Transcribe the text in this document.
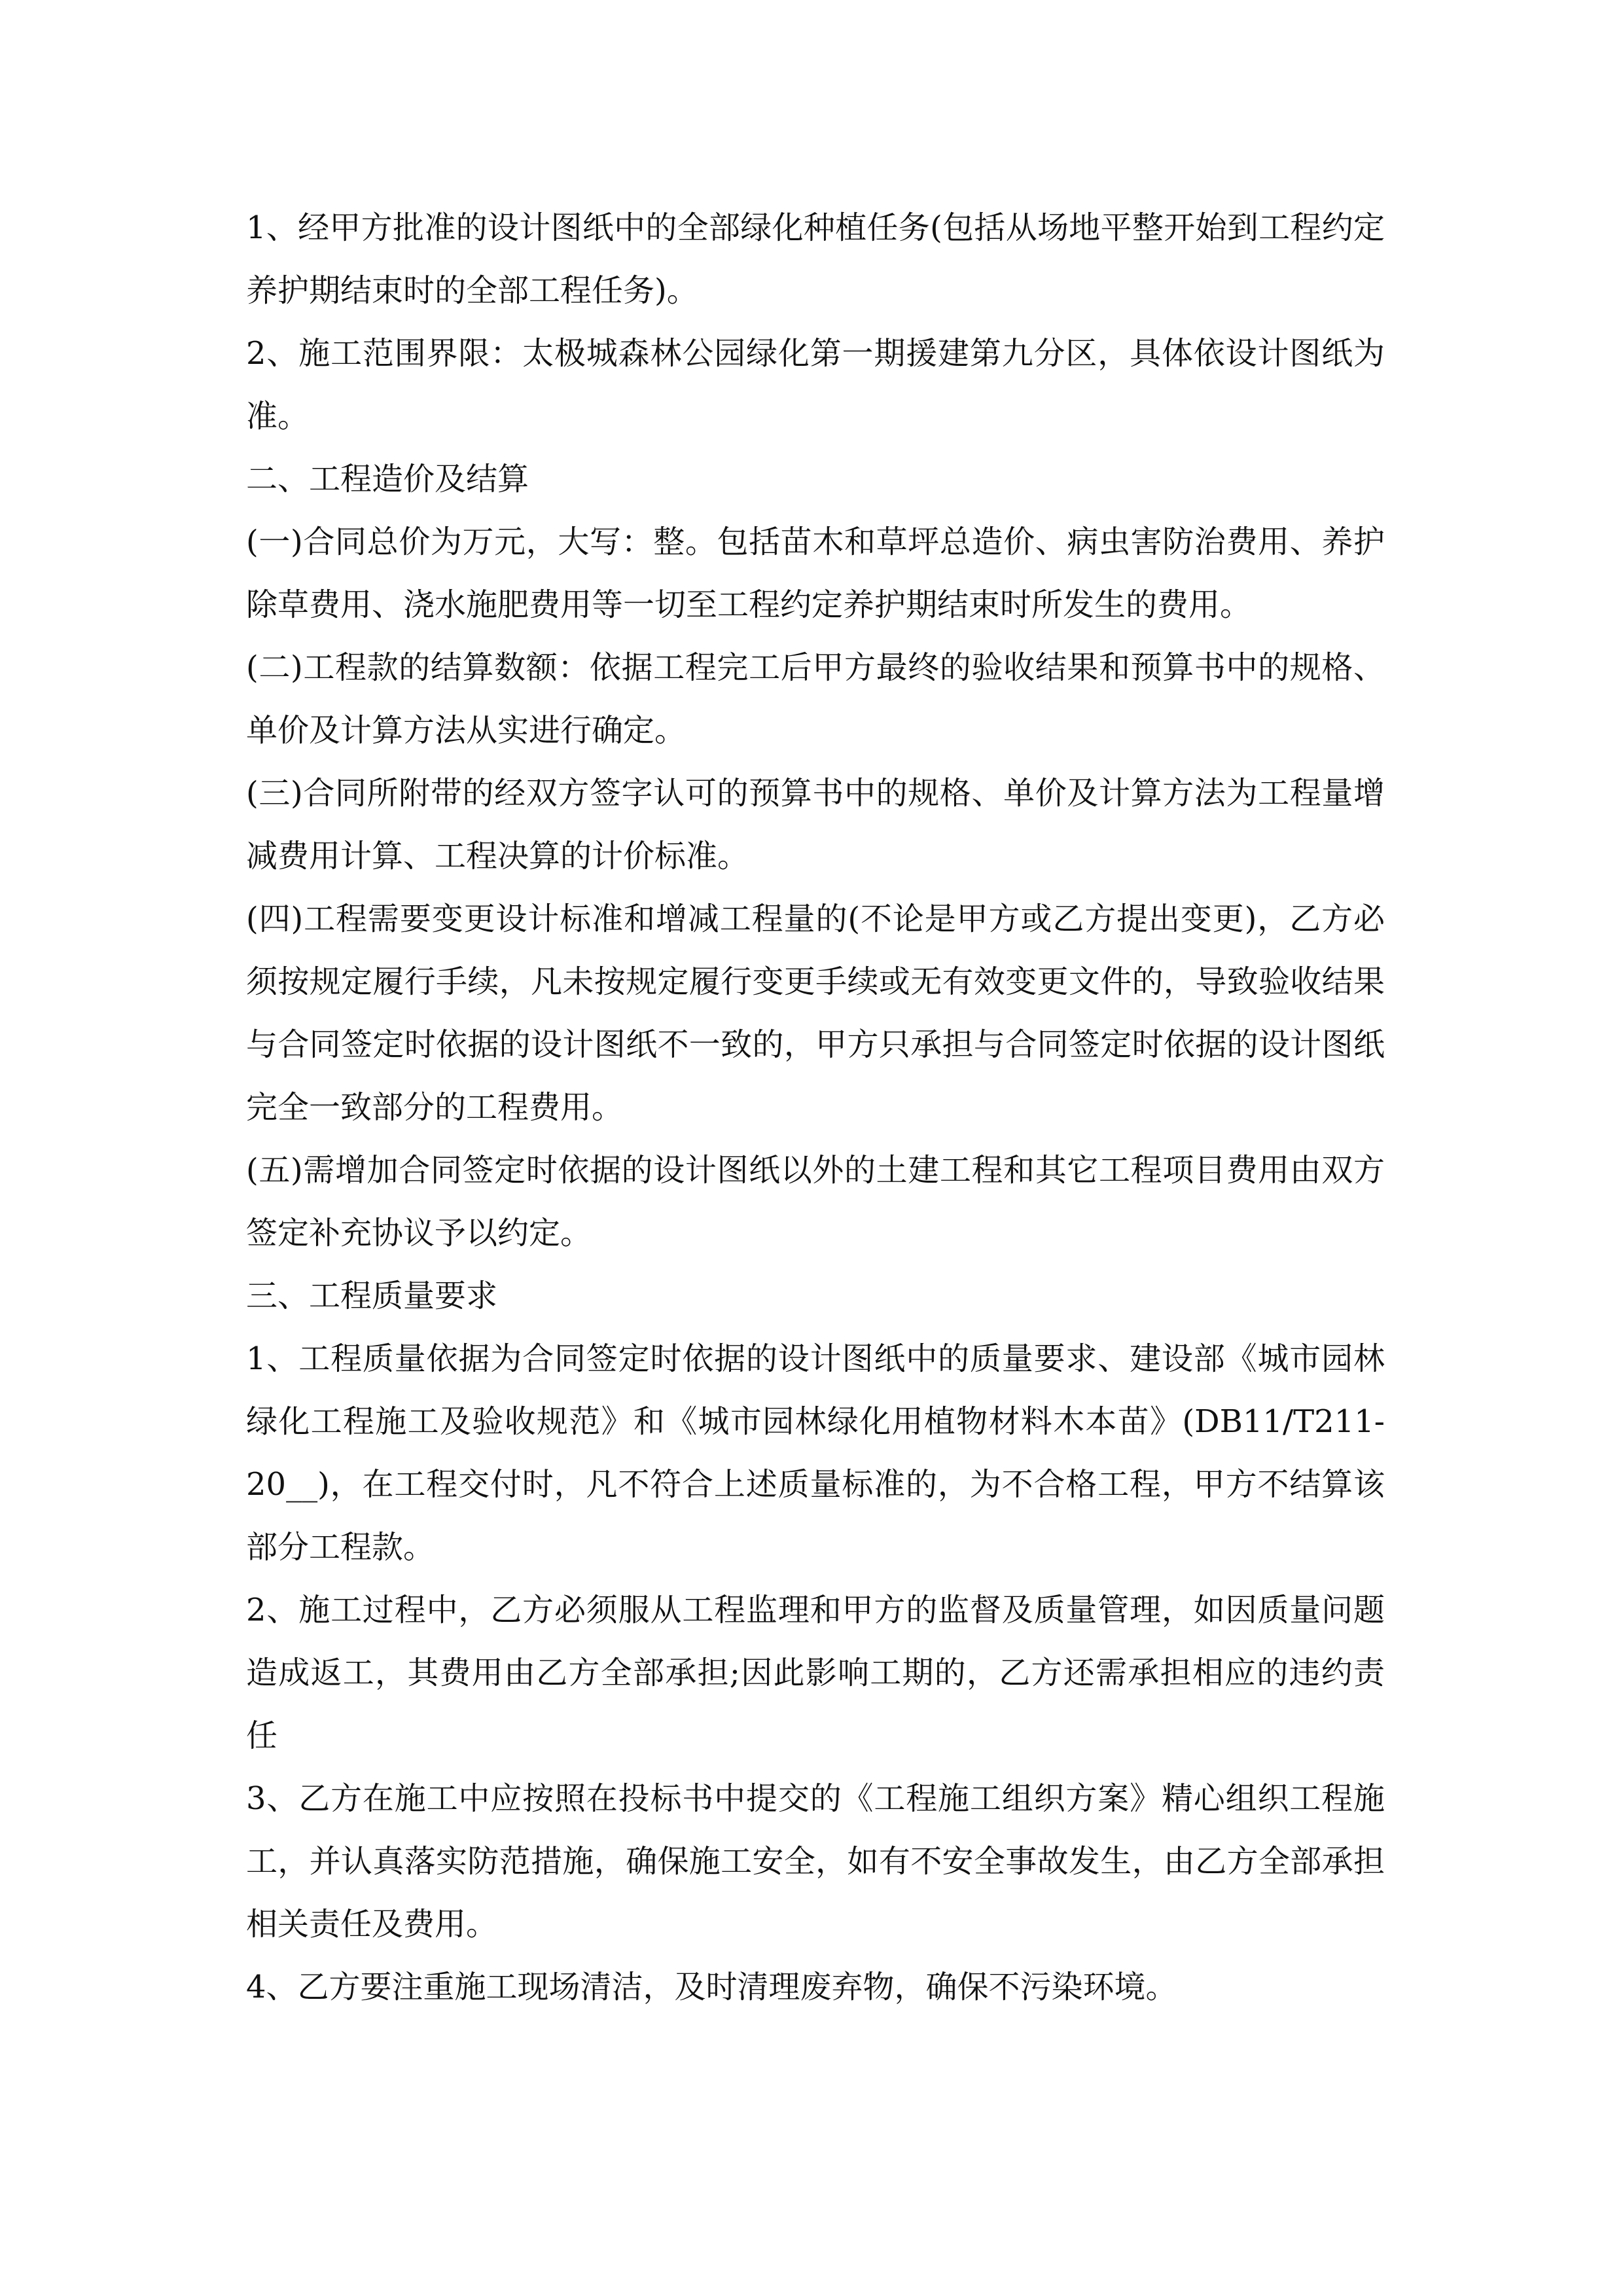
1、经甲方批准的设计图纸中的全部绿化种植任务(包括从场地平整开始到工程约定养护期结束时的全部工程任务)。

2、施工范围界限：太极城森林公园绿化第一期援建第九分区，具体依设计图纸为准。

二、工程造价及结算

(一)合同总价为万元，大写：整。包括苗木和草坪总造价、病虫害防治费用、养护除草费用、浇水施肥费用等一切至工程约定养护期结束时所发生的费用。

(二)工程款的结算数额：依据工程完工后甲方最终的验收结果和预算书中的规格、单价及计算方法从实进行确定。

(三)合同所附带的经双方签字认可的预算书中的规格、单价及计算方法为工程量增减费用计算、工程决算的计价标准。

(四)工程需要变更设计标准和增减工程量的(不论是甲方或乙方提出变更)，乙方必须按规定履行手续，凡未按规定履行变更手续或无有效变更文件的，导致验收结果与合同签定时依据的设计图纸不一致的，甲方只承担与合同签定时依据的设计图纸完全一致部分的工程费用。

(五)需增加合同签定时依据的设计图纸以外的土建工程和其它工程项目费用由双方签定补充协议予以约定。

三、工程质量要求

1、工程质量依据为合同签定时依据的设计图纸中的质量要求、建设部《城市园林绿化工程施工及验收规范》和《城市园林绿化用植物材料木本苗》(DB11/T211-20__)，在工程交付时，凡不符合上述质量标准的，为不合格工程，甲方不结算该部分工程款。

2、施工过程中，乙方必须服从工程监理和甲方的监督及质量管理，如因质量问题造成返工，其费用由乙方全部承担;因此影响工期的，乙方还需承担相应的违约责任

3、乙方在施工中应按照在投标书中提交的《工程施工组织方案》精心组织工程施工，并认真落实防范措施，确保施工安全，如有不安全事故发生，由乙方全部承担相关责任及费用。

4、乙方要注重施工现场清洁，及时清理废弃物，确保不污染环境。
